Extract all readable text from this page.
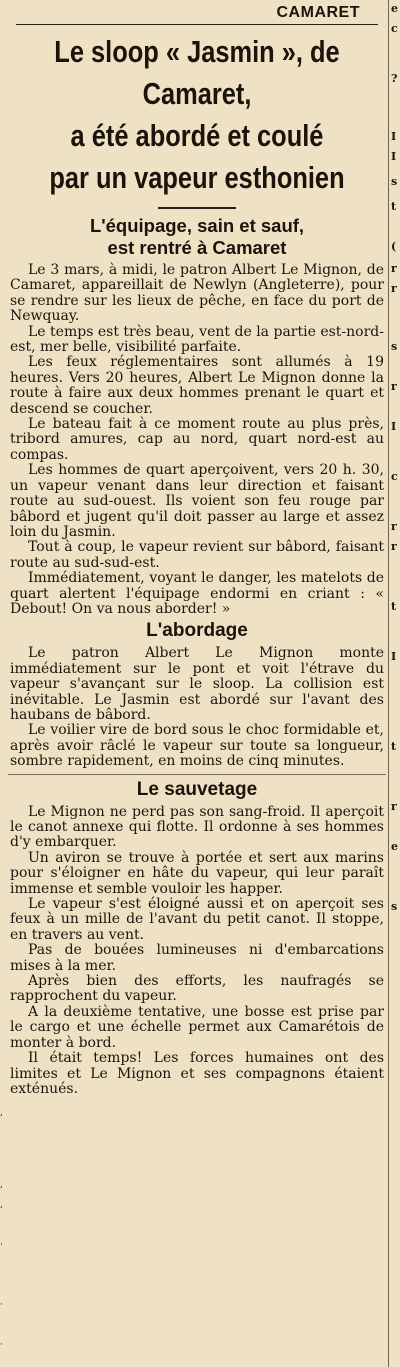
,
,
,
·
·
·
e
c
?
I
I
s
t
(
r
r
s
r
I
c
r
r
t
I
t
r
e
s
CAMARET
Le sloop « Jasmin », de Camaret,
a été abordé et coulé
par un vapeur esthonien
L'équipage, sain et sauf,
est rentré à Camaret

Le 3 mars, à midi, le patron Albert Le Mignon, de Camaret, appareillait de Newlyn (Angleterre), pour se rendre sur les lieux de pêche, en face du port de Newquay.

Le temps est très beau, vent de la partie est-nord-est, mer belle, visibilité parfaite.

Les feux réglementaires sont allumés à 19 heures. Vers 20 heures, Albert Le Mignon donne la route à faire aux deux hommes prenant le quart et descend se coucher.

Le bateau fait à ce moment route au plus près, tribord amures, cap au nord, quart nord-est au compas.

Les hommes de quart aperçoivent, vers 20 h. 30, un vapeur venant dans leur direction et faisant route au sud-ouest. Ils voient son feu rouge par bâbord et jugent qu'il doit passer au large et assez loin du Jasmin.

Tout à coup, le vapeur revient sur bâbord, faisant route au sud-sud-est.

Immédiatement, voyant le danger, les matelots de quart alertent l'équipage endormi en criant : « Debout! On va nous aborder! »

L'abordage

Le patron Albert Le Mignon monte immédiatement sur le pont et voit l'étrave du vapeur s'avançant sur le sloop. La collision est inévitable. Le Jasmin est abordé sur l'avant des haubans de bâbord.

Le voilier vire de bord sous le choc formidable et, après avoir râclé le vapeur sur toute sa longueur, sombre rapidement, en moins de cinq minutes.

Le sauvetage

Le Mignon ne perd pas son sang-froid. Il aperçoit le canot annexe qui flotte. Il ordonne à ses hommes d'y embarquer.

Un aviron se trouve à portée et sert aux marins pour s'éloigner en hâte du vapeur, qui leur paraît immense et semble vouloir les happer.

Le vapeur s'est éloigné aussi et on aperçoit ses feux à un mille de l'avant du petit canot. Il stoppe, en travers au vent.

Pas de bouées lumineuses ni d'embarcations mises à la mer.

Après bien des efforts, les naufragés se rapprochent du vapeur.

A la deuxième tentative, une bosse est prise par le cargo et une échelle permet aux Camarétois de monter à bord.

Il était temps! Les forces humaines ont des limites et Le Mignon et ses compagnons étaient exténués.
